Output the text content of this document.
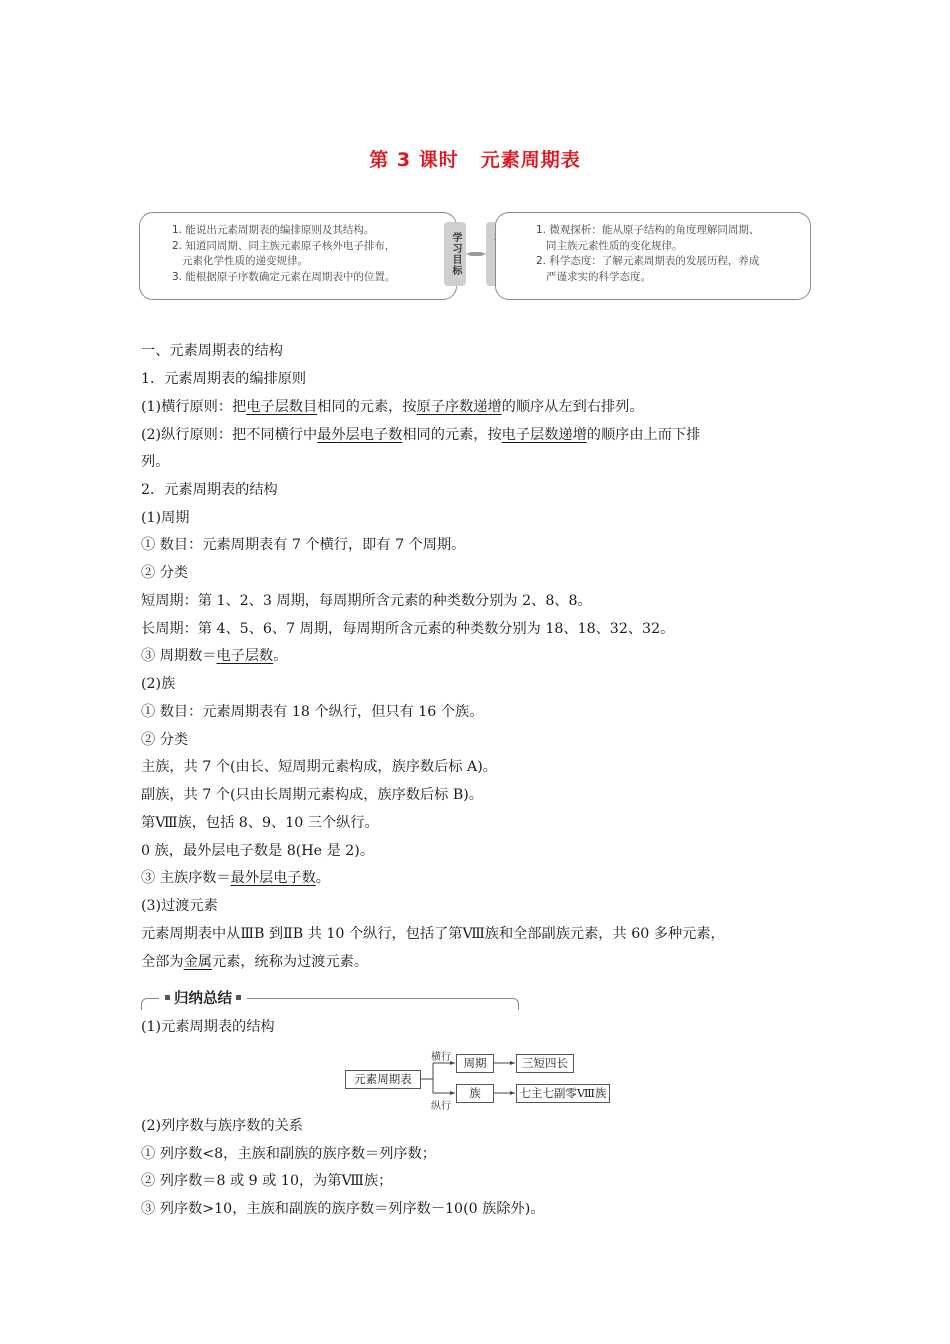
第 3 课时 元素周期表

1. 能说出元素周期表的编排原则及其结构。

2. 知道同周期、同主族元素原子核外电子排布，

元素化学性质的递变规律。

3. 能根据原子序数确定元素在周期表中的位置。

学习目标

1. 微观探析：能从原子结构的角度理解同周期、

同主族元素性质的变化规律。

2. 科学态度：了解元素周期表的发展历程，养成

严谨求实的科学态度。

一、元素周期表的结构
1．元素周期表的编排原则
(1)横行原则：把电子层数目相同的元素，按原子序数递增的顺序从左到右排列。
(2)纵行原则：把不同横行中最外层电子数相同的元素，按电子层数递增的顺序由上而下排
列。
2．元素周期表的结构
(1)周期
① 数目：元素周期表有 7 个横行，即有 7 个周期。
② 分类
短周期：第 1、2、3 周期，每周期所含元素的种类数分别为 2、8、8。
长周期：第 4、5、6、7 周期，每周期所含元素的种类数分别为 18、18、32、32。
③ 周期数＝电子层数。
(2)族
① 数目：元素周期表有 18 个纵行，但只有 16 个族。
② 分类
主族，共 7 个(由长、短周期元素构成，族序数后标 A)。
副族，共 7 个(只由长周期元素构成，族序数后标 B)。
第Ⅷ族，包括 8、9、10 三个纵行。
0 族，最外层电子数是 8(He 是 2)。
③ 主族序数＝最外层电子数。
(3)过渡元素
元素周期表中从ⅢB 到ⅡB 共 10 个纵行，包括了第Ⅷ族和全部副族元素，共 60 多种元素，
全部为金属元素，统称为过渡元素。
归纳总结
(1)元素周期表的结构
元素周期表
横行
纵行
周期
族
三短四长
七主七副零Ⅷ族
(2)列序数与族序数的关系
① 列序数<8，主族和副族的族序数＝列序数；
② 列序数＝8 或 9 或 10，为第Ⅷ族；
③ 列序数>10，主族和副族的族序数＝列序数－10(0 族除外)。
